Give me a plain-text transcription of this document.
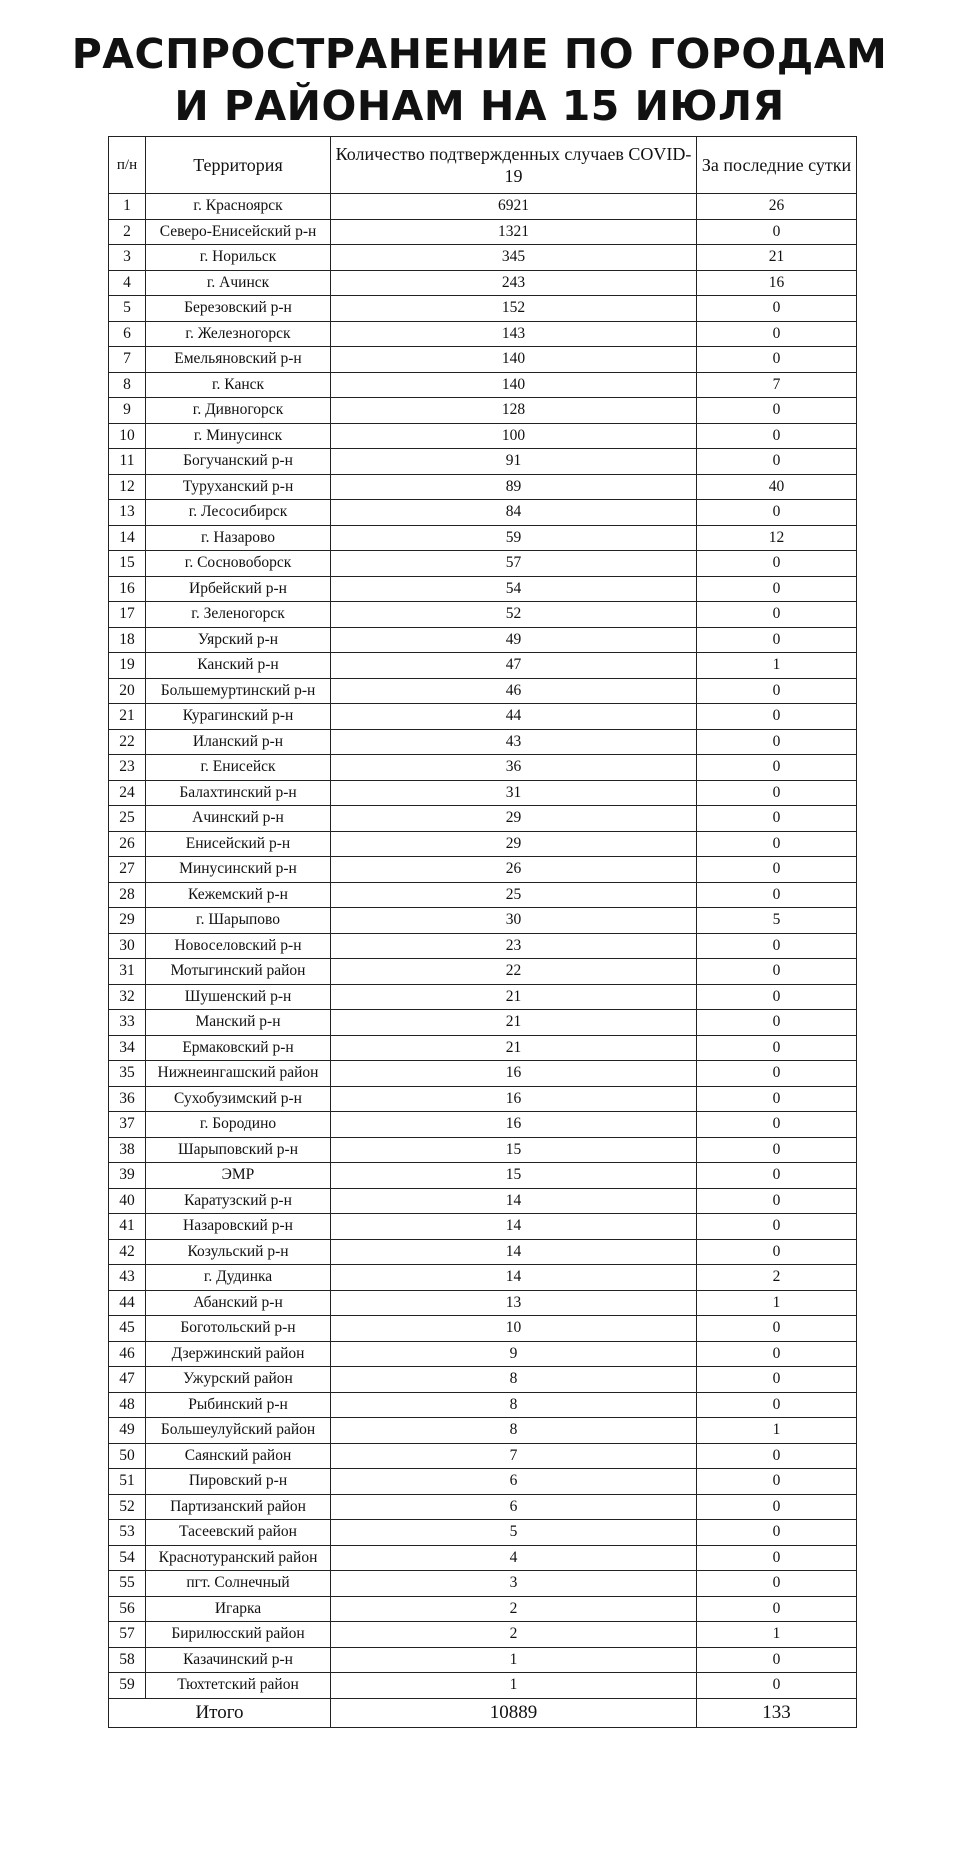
РАСПРОСТРАНЕНИЕ ПО ГОРОДАМ
И РАЙОНАМ НА 15 ИЮЛЯ
п/н	Территория	Количество подтвержденных случаев COVID-19	За последние сутки
1	г. Красноярск	6921	26
2	Северо-Енисейский р-н	1321	0
3	г. Норильск	345	21
4	г. Ачинск	243	16
5	Березовский р-н	152	0
6	г. Железногорск	143	0
7	Емельяновский р-н	140	0
8	г. Канск	140	7
9	г. Дивногорск	128	0
10	г. Минусинск	100	0
11	Богучанский р-н	91	0
12	Туруханский р-н	89	40
13	г. Лесосибирск	84	0
14	г. Назарово	59	12
15	г. Сосновоборск	57	0
16	Ирбейский р-н	54	0
17	г. Зеленогорск	52	0
18	Уярский р-н	49	0
19	Канский р-н	47	1
20	Большемуртинский р-н	46	0
21	Курагинский р-н	44	0
22	Иланский р-н	43	0
23	г. Енисейск	36	0
24	Балахтинский р-н	31	0
25	Ачинский р-н	29	0
26	Енисейский р-н	29	0
27	Минусинский р-н	26	0
28	Кежемский р-н	25	0
29	г. Шарыпово	30	5
30	Новоселовский р-н	23	0
31	Мотыгинский район	22	0
32	Шушенский р-н	21	0
33	Манский р-н	21	0
34	Ермаковский р-н	21	0
35	Нижнеингашский район	16	0
36	Сухобузимский р-н	16	0
37	г. Бородино	16	0
38	Шарыповский р-н	15	0
39	ЭМР	15	0
40	Каратузский р-н	14	0
41	Назаровский р-н	14	0
42	Козульский р-н	14	0
43	г. Дудинка	14	2
44	Абанский р-н	13	1
45	Боготольский р-н	10	0
46	Дзержинский район	9	0
47	Ужурский район	8	0
48	Рыбинский р-н	8	0
49	Большеулуйский район	8	1
50	Саянский район	7	0
51	Пировский р-н	6	0
52	Партизанский район	6	0
53	Тасеевский район	5	0
54	Краснотуранский район	4	0
55	пгт. Солнечный	3	0
56	Игарка	2	0
57	Бирилюсский район	2	1
58	Казачинский р-н	1	0
59	Тюхтетский район	1	0
Итого		10889	133
